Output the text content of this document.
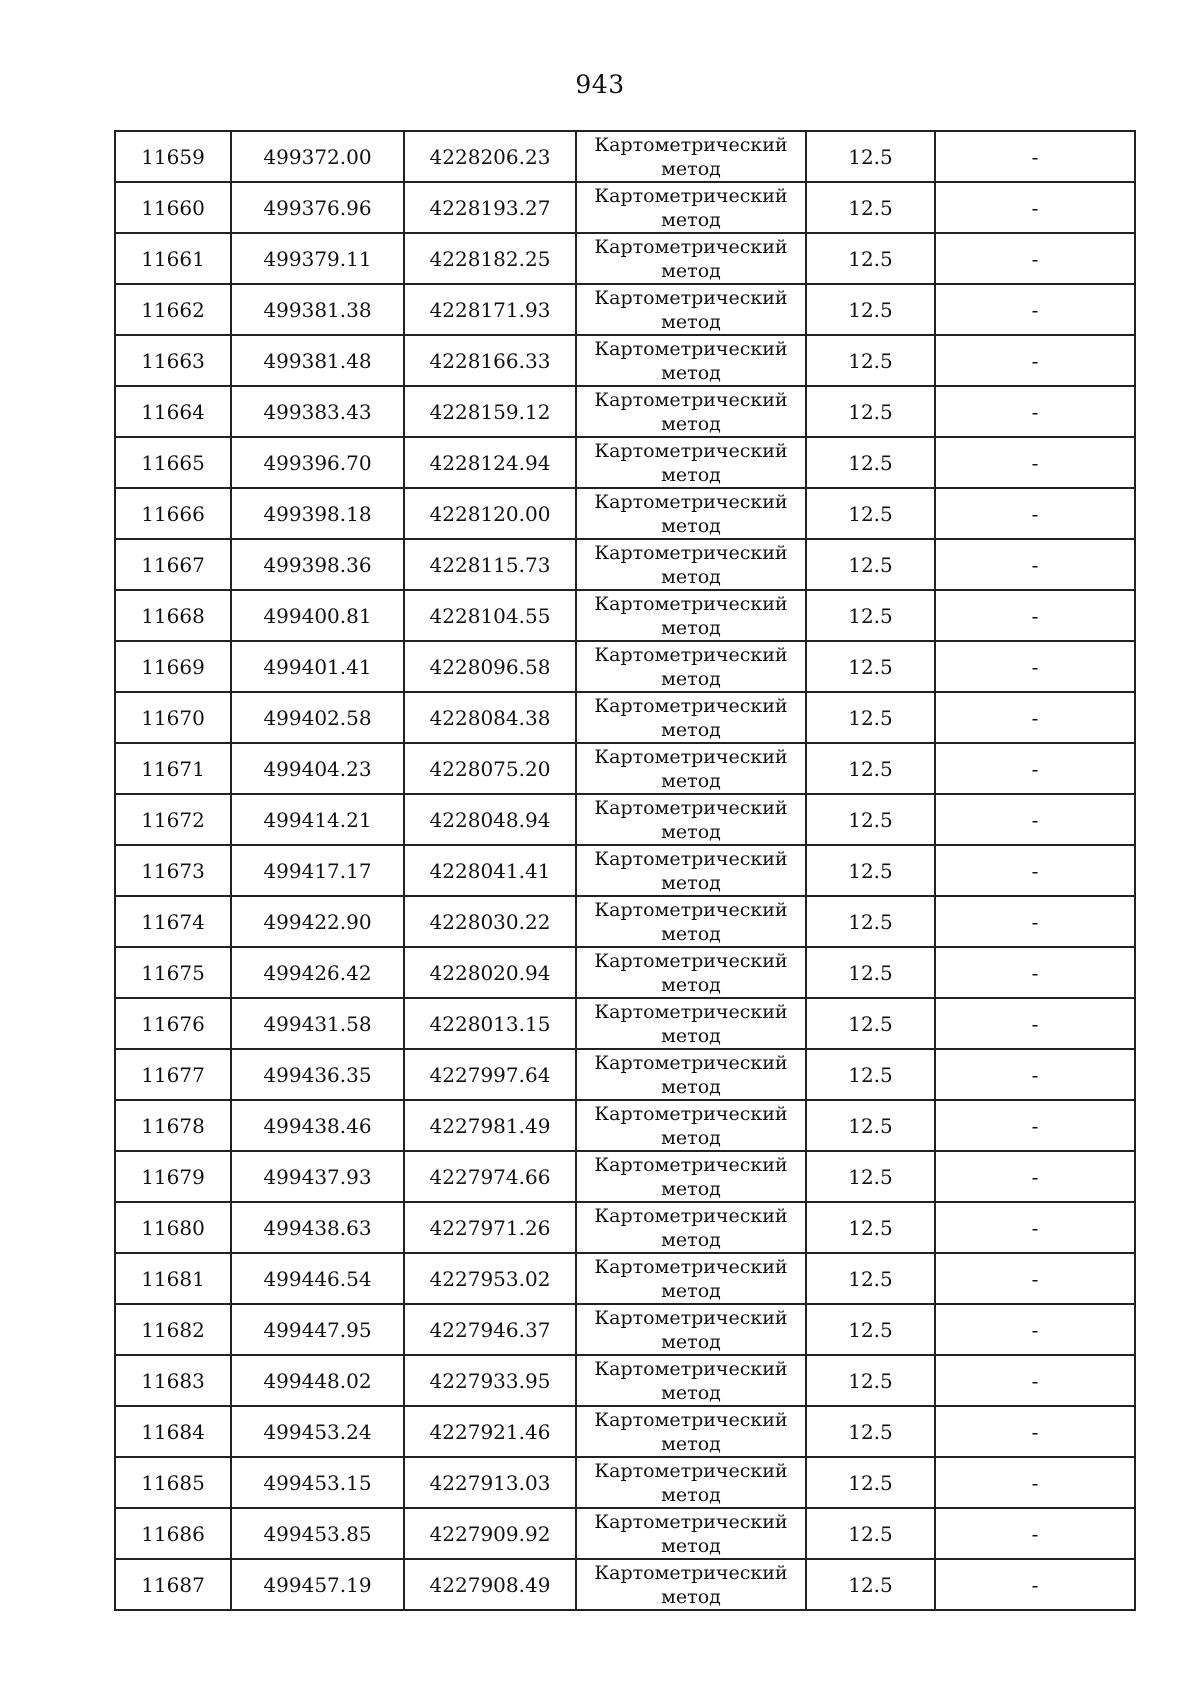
943
11659	499372.00	4228206.23	Картометрический
метод	12.5	-
11660	499376.96	4228193.27	Картометрический
метод	12.5	-
11661	499379.11	4228182.25	Картометрический
метод	12.5	-
11662	499381.38	4228171.93	Картометрический
метод	12.5	-
11663	499381.48	4228166.33	Картометрический
метод	12.5	-
11664	499383.43	4228159.12	Картометрический
метод	12.5	-
11665	499396.70	4228124.94	Картометрический
метод	12.5	-
11666	499398.18	4228120.00	Картометрический
метод	12.5	-
11667	499398.36	4228115.73	Картометрический
метод	12.5	-
11668	499400.81	4228104.55	Картометрический
метод	12.5	-
11669	499401.41	4228096.58	Картометрический
метод	12.5	-
11670	499402.58	4228084.38	Картометрический
метод	12.5	-
11671	499404.23	4228075.20	Картометрический
метод	12.5	-
11672	499414.21	4228048.94	Картометрический
метод	12.5	-
11673	499417.17	4228041.41	Картометрический
метод	12.5	-
11674	499422.90	4228030.22	Картометрический
метод	12.5	-
11675	499426.42	4228020.94	Картометрический
метод	12.5	-
11676	499431.58	4228013.15	Картометрический
метод	12.5	-
11677	499436.35	4227997.64	Картометрический
метод	12.5	-
11678	499438.46	4227981.49	Картометрический
метод	12.5	-
11679	499437.93	4227974.66	Картометрический
метод	12.5	-
11680	499438.63	4227971.26	Картометрический
метод	12.5	-
11681	499446.54	4227953.02	Картометрический
метод	12.5	-
11682	499447.95	4227946.37	Картометрический
метод	12.5	-
11683	499448.02	4227933.95	Картометрический
метод	12.5	-
11684	499453.24	4227921.46	Картометрический
метод	12.5	-
11685	499453.15	4227913.03	Картометрический
метод	12.5	-
11686	499453.85	4227909.92	Картометрический
метод	12.5	-
11687	499457.19	4227908.49	Картометрический
метод	12.5	-
